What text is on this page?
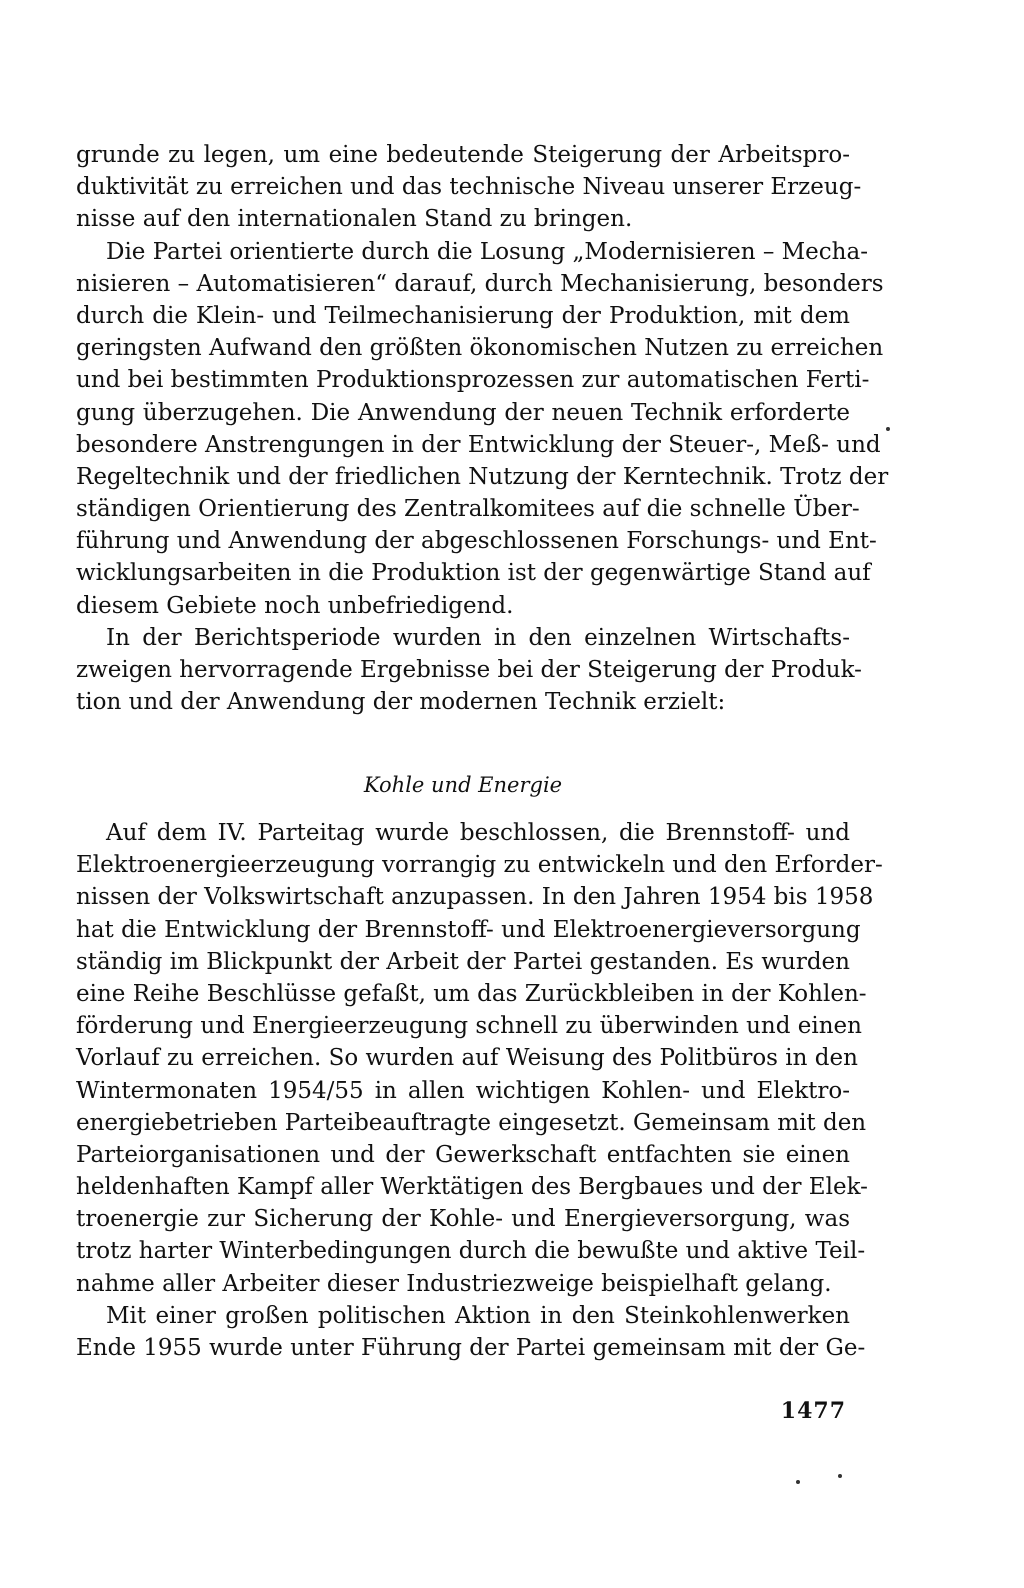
grunde zu legen, um eine bedeutende Steigerung der Arbeitspro-
duktivität zu erreichen und das technische Niveau unserer Erzeug-
nisse auf den internationalen Stand zu bringen.
Die Partei orientierte durch die Losung „Modernisieren – Mecha-
nisieren – Automatisieren“ darauf, durch Mechanisierung, besonders
durch die Klein- und Teilmechanisierung der Produktion, mit dem
geringsten Aufwand den größten ökonomischen Nutzen zu erreichen
und bei bestimmten Produktionsprozessen zur automatischen Ferti-
gung überzugehen. Die Anwendung der neuen Technik erforderte
besondere Anstrengungen in der Entwicklung der Steuer-, Meß- und
Regeltechnik und der friedlichen Nutzung der Kerntechnik. Trotz der
ständigen Orientierung des Zentralkomitees auf die schnelle Über-
führung und Anwendung der abgeschlossenen Forschungs- und Ent-
wicklungsarbeiten in die Produktion ist der gegenwärtige Stand auf
diesem Gebiete noch unbefriedigend.
In der Berichtsperiode wurden in den einzelnen Wirtschafts-
zweigen hervorragende Ergebnisse bei der Steigerung der Produk-
tion und der Anwendung der modernen Technik erzielt:
Kohle und Energie
Auf dem IV. Parteitag wurde beschlossen, die Brennstoff- und
Elektroenergieerzeugung vorrangig zu entwickeln und den Erforder-
nissen der Volkswirtschaft anzupassen. In den Jahren 1954 bis 1958
hat die Entwicklung der Brennstoff- und Elektroenergieversorgung
ständig im Blickpunkt der Arbeit der Partei gestanden. Es wurden
eine Reihe Beschlüsse gefaßt, um das Zurückbleiben in der Kohlen-
förderung und Energieerzeugung schnell zu überwinden und einen
Vorlauf zu erreichen. So wurden auf Weisung des Politbüros in den
Wintermonaten 1954/55 in allen wichtigen Kohlen- und Elektro-
energiebetrieben Parteibeauftragte eingesetzt. Gemeinsam mit den
Parteiorganisationen und der Gewerkschaft entfachten sie einen
heldenhaften Kampf aller Werktätigen des Bergbaues und der Elek-
troenergie zur Sicherung der Kohle- und Energieversorgung, was
trotz harter Winterbedingungen durch die bewußte und aktive Teil-
nahme aller Arbeiter dieser Industriezweige beispielhaft gelang.
Mit einer großen politischen Aktion in den Steinkohlenwerken
Ende 1955 wurde unter Führung der Partei gemeinsam mit der Ge-
1477
